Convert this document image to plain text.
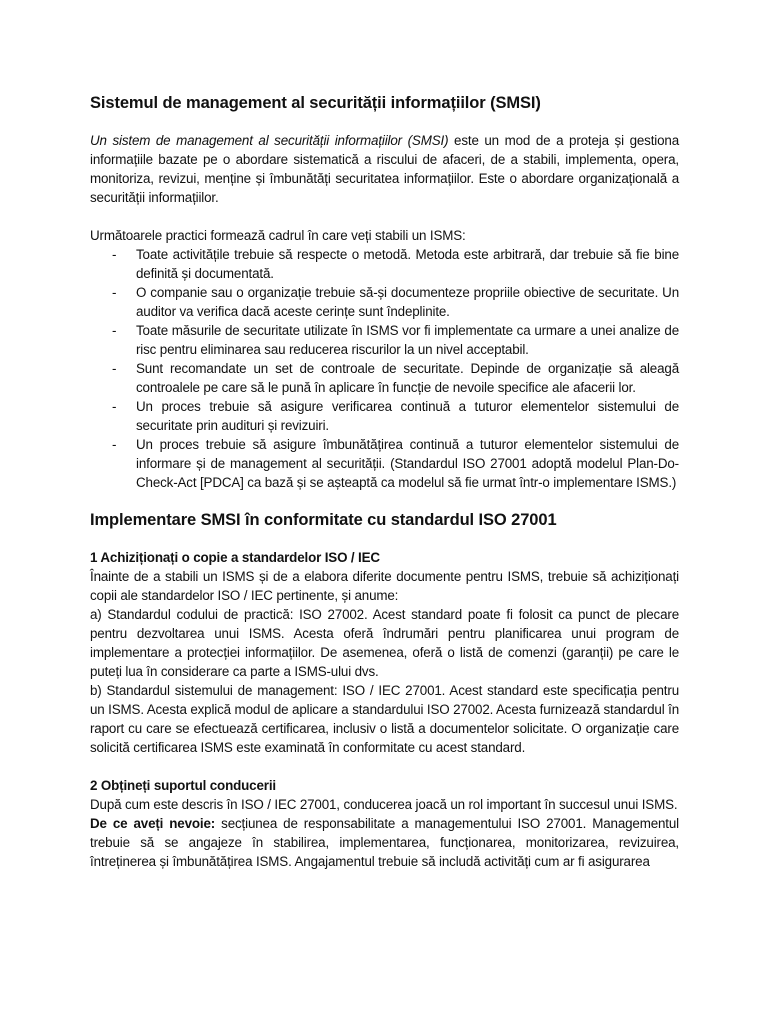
Sistemul de management al securității informațiilor (SMSI)

Un sistem de management al securității informațiilor (SMSI) este un mod de a proteja și gestiona informațiile bazate pe o abordare sistematică a riscului de afaceri, de a stabili, implementa, opera, monitoriza, revizui, menține și îmbunătăți securitatea informațiilor. Este o abordare organizațională a securității informațiilor.

Următoarele practici formează cadrul în care veți stabili un ISMS:

- Toate activitățile trebuie să respecte o metodă. Metoda este arbitrară, dar trebuie să fie bine definită și documentată.
- O companie sau o organizație trebuie să-și documenteze propriile obiective de securitate. Un auditor va verifica dacă aceste cerințe sunt îndeplinite.
- Toate măsurile de securitate utilizate în ISMS vor fi implementate ca urmare a unei analize de risc pentru eliminarea sau reducerea riscurilor la un nivel acceptabil.
- Sunt recomandate un set de controale de securitate. Depinde de organizație să aleagă controalele pe care să le pună în aplicare în funcție de nevoile specifice ale afacerii lor.
- Un proces trebuie să asigure verificarea continuă a tuturor elementelor sistemului de securitate prin audituri și revizuiri.
- Un proces trebuie să asigure îmbunătățirea continuă a tuturor elementelor sistemului de informare și de management al securității. (Standardul ISO 27001 adoptă modelul Plan-Do-Check-Act [PDCA] ca bază și se așteaptă ca modelul să fie urmat într-o implementare ISMS.)
Implementare SMSI în conformitate cu standardul ISO 27001

1 Achiziționați o copie a standardelor ISO / IEC

Înainte de a stabili un ISMS și de a elabora diferite documente pentru ISMS, trebuie să achiziționați copii ale standardelor ISO / IEC pertinente, și anume:

a) Standardul codului de practică: ISO 27002. Acest standard poate fi folosit ca punct de plecare pentru dezvoltarea unui ISMS. Acesta oferă îndrumări pentru planificarea unui program de implementare a protecției informațiilor. De asemenea, oferă o listă de comenzi (garanții) pe care le puteți lua în considerare ca parte a ISMS-ului dvs.

b) Standardul sistemului de management: ISO / IEC 27001. Acest standard este specificația pentru un ISMS. Acesta explică modul de aplicare a standardului ISO 27002. Acesta furnizează standardul în raport cu care se efectuează certificarea, inclusiv o listă a documentelor solicitate. O organizație care solicită certificarea ISMS este examinată în conformitate cu acest standard.

2 Obțineți suportul conducerii

După cum este descris în ISO / IEC 27001, conducerea joacă un rol important în succesul unui ISMS.

De ce aveți nevoie: secțiunea de responsabilitate a managementului ISO 27001. Managementul trebuie să se angajeze în stabilirea, implementarea, funcționarea, monitorizarea, revizuirea, întreținerea și îmbunătățirea ISMS. Angajamentul trebuie să includă activități cum ar fi asigurarea
